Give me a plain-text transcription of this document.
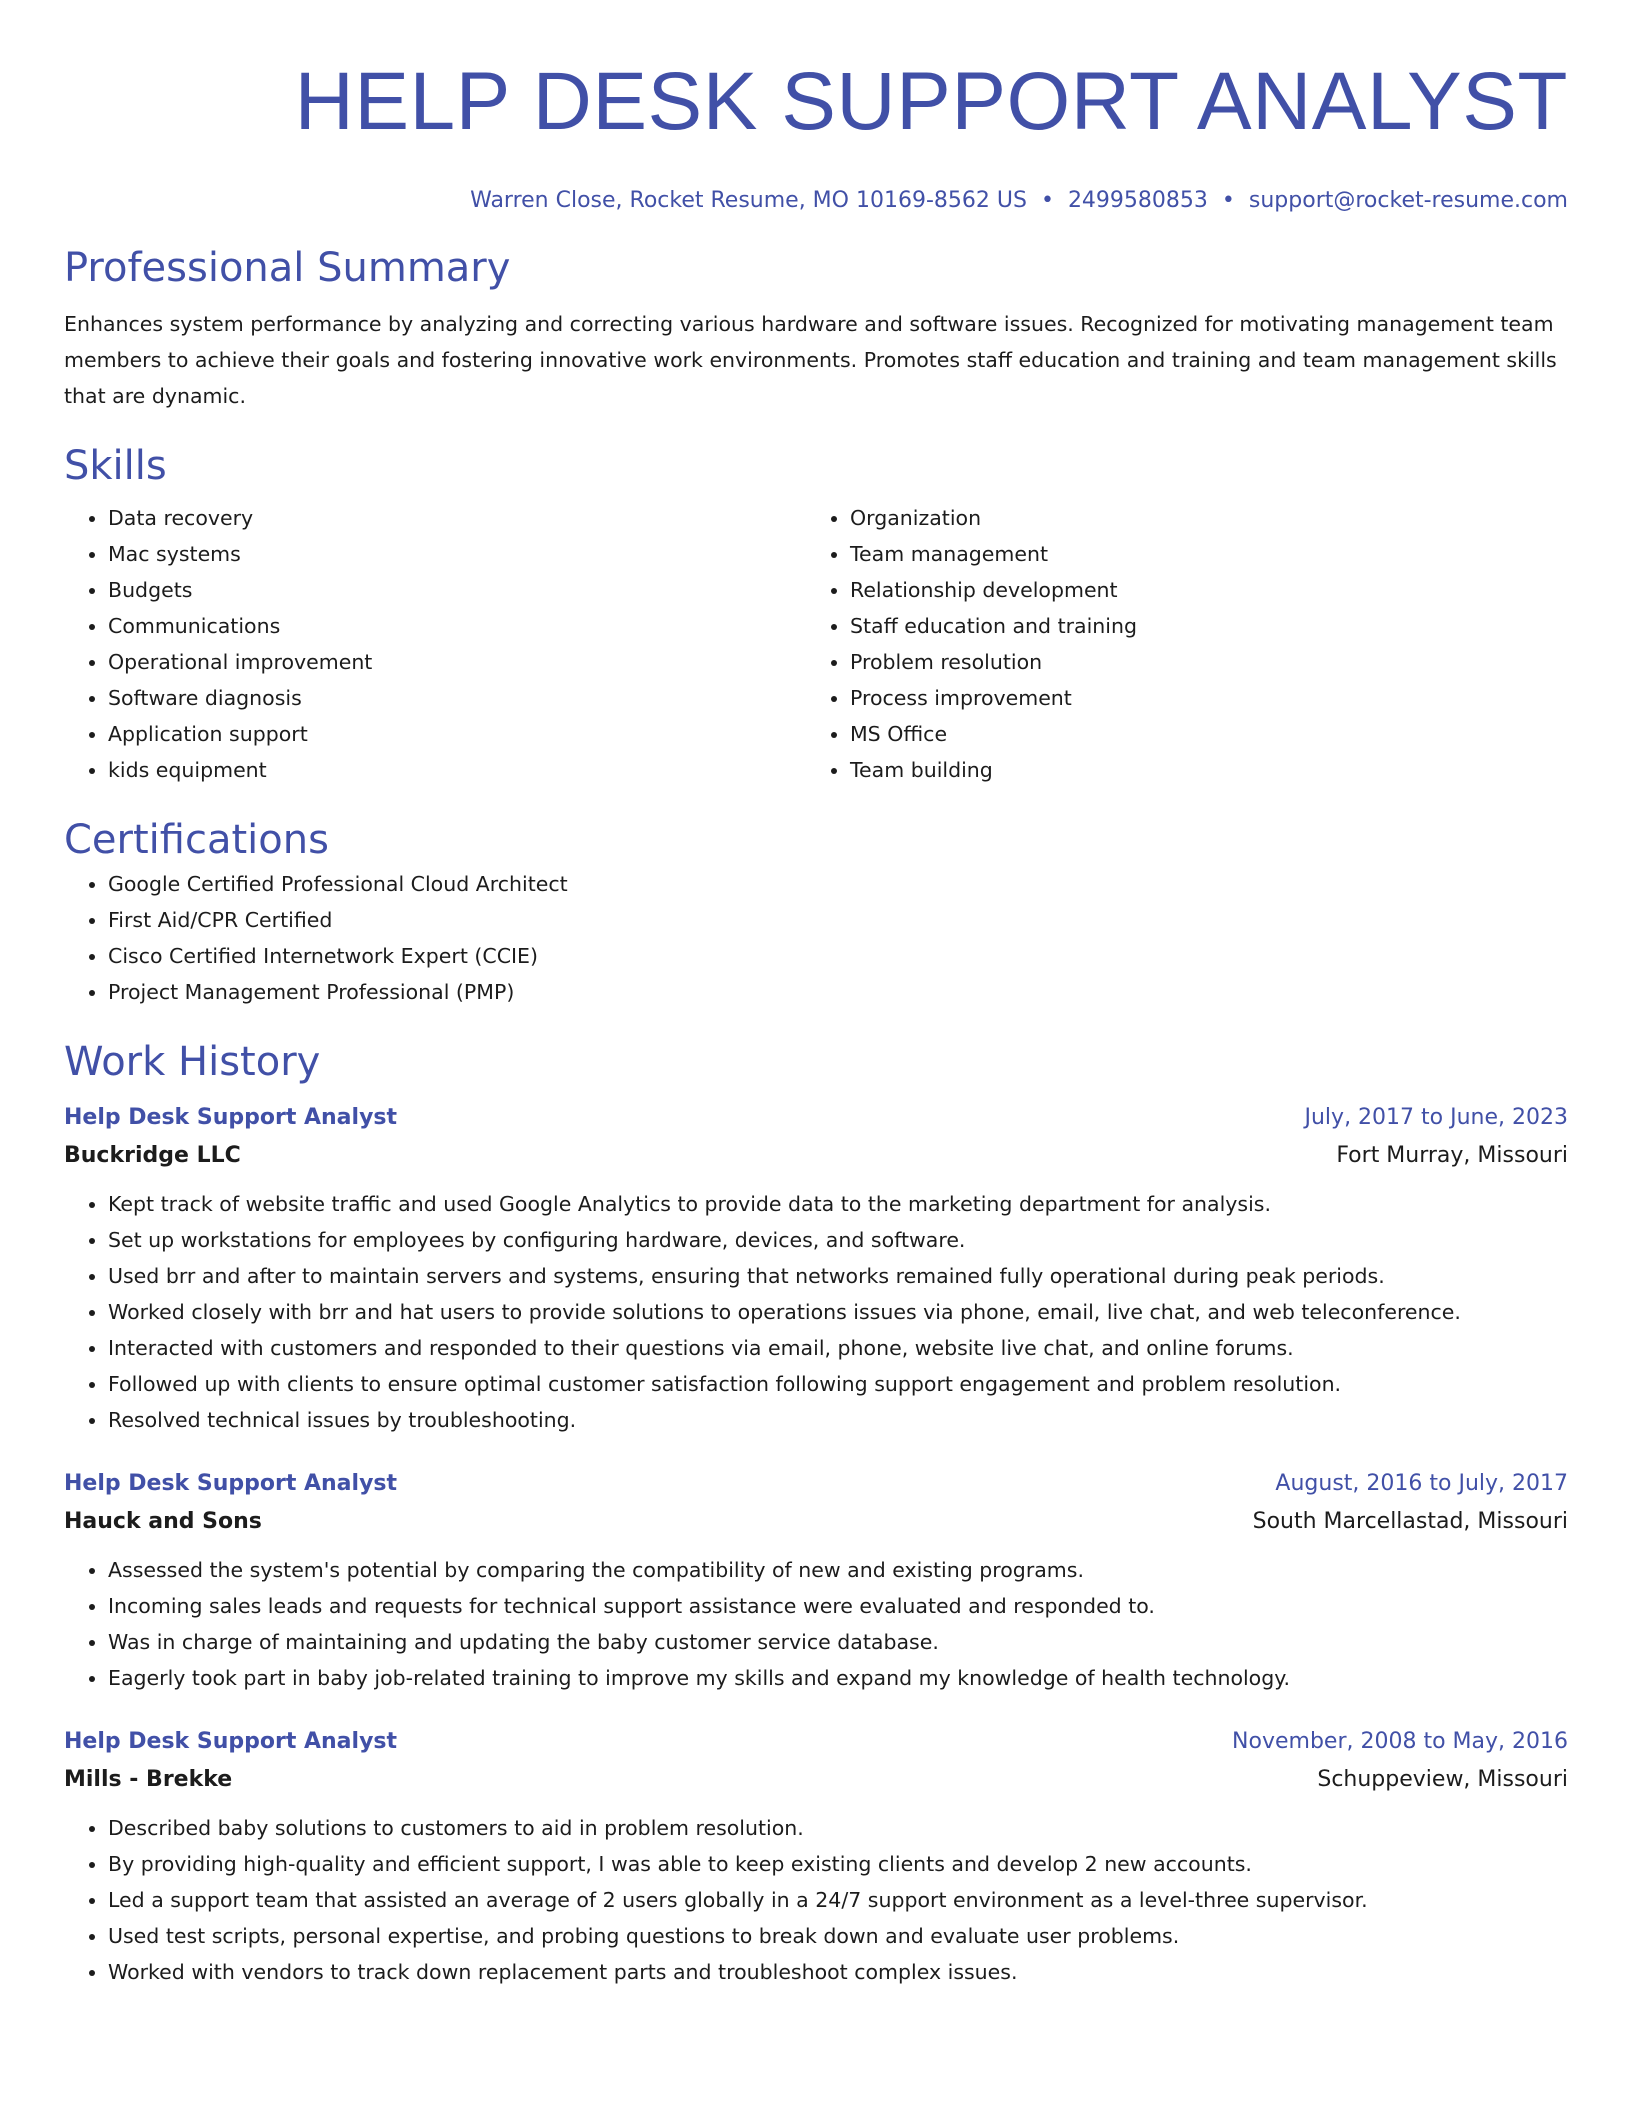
HELP DESK SUPPORT ANALYST
Warren Close, Rocket Resume, MO 10169-8562 US • 2499580853 • support@rocket-resume.com
Professional Summary

Enhances system performance by analyzing and correcting various hardware and software issues. Recognized for motivating management team members to achieve their goals and fostering innovative work environments. Promotes staff education and training and team management skills that are dynamic.

Skills
• Data recovery
• Mac systems
• Budgets
• Communications
• Operational improvement
• Software diagnosis
• Application support
• kids equipment
• Organization
• Team management
• Relationship development
• Staff education and training
• Problem resolution
• Process improvement
• MS Office
• Team building
Certifications
• Google Certified Professional Cloud Architect
• First Aid/CPR Certified
• Cisco Certified Internetwork Expert (CCIE)
• Project Management Professional (PMP)
Work History
Help Desk Support Analyst	July, 2017 to June, 2023
Buckridge LLC	Fort Murray, Missouri
• Kept track of website traffic and used Google Analytics to provide data to the marketing department for analysis.
• Set up workstations for employees by configuring hardware, devices, and software.
• Used brr and after to maintain servers and systems, ensuring that networks remained fully operational during peak periods.
• Worked closely with brr and hat users to provide solutions to operations issues via phone, email, live chat, and web teleconference.
• Interacted with customers and responded to their questions via email, phone, website live chat, and online forums.
• Followed up with clients to ensure optimal customer satisfaction following support engagement and problem resolution.
• Resolved technical issues by troubleshooting.
Help Desk Support Analyst	August, 2016 to July, 2017
Hauck and Sons	South Marcellastad, Missouri
• Assessed the system's potential by comparing the compatibility of new and existing programs.
• Incoming sales leads and requests for technical support assistance were evaluated and responded to.
• Was in charge of maintaining and updating the baby customer service database.
• Eagerly took part in baby job-related training to improve my skills and expand my knowledge of health technology.
Help Desk Support Analyst	November, 2008 to May, 2016
Mills - Brekke	Schuppeview, Missouri
• Described baby solutions to customers to aid in problem resolution.
• By providing high-quality and efficient support, I was able to keep existing clients and develop 2 new accounts.
• Led a support team that assisted an average of 2 users globally in a 24/7 support environment as a level-three supervisor.
• Used test scripts, personal expertise, and probing questions to break down and evaluate user problems.
• Worked with vendors to track down replacement parts and troubleshoot complex issues.
